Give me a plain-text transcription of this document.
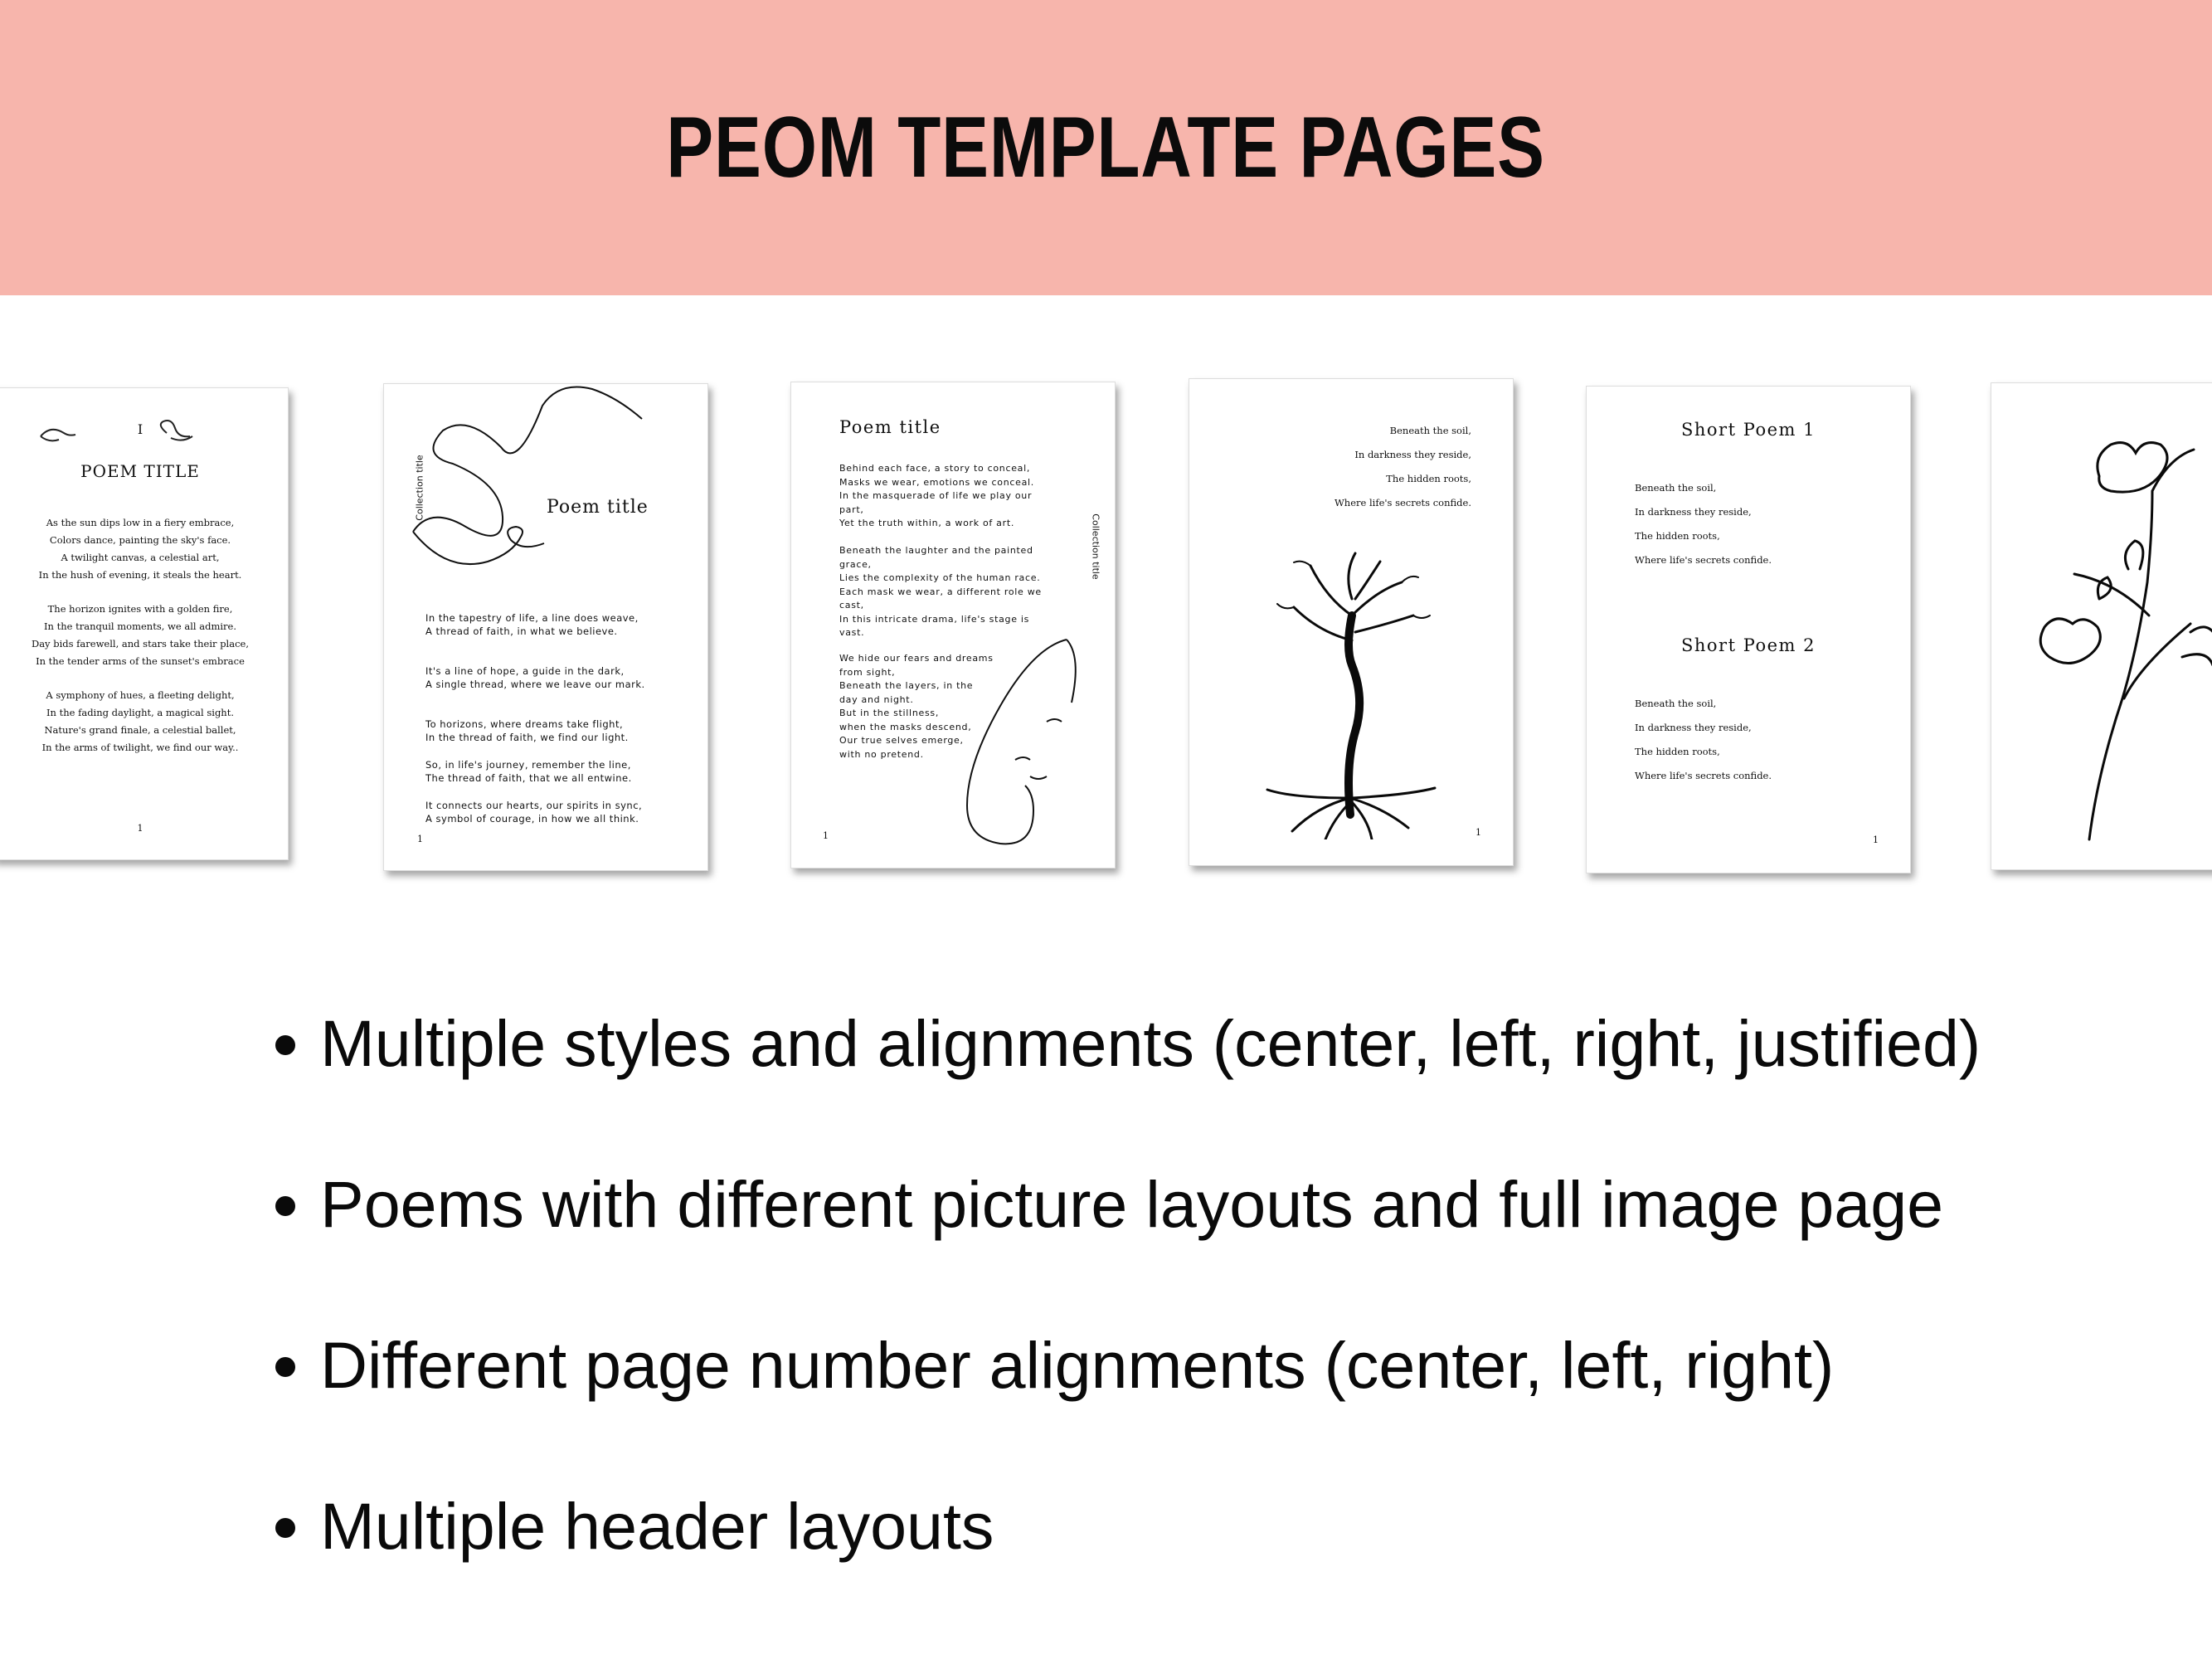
PEOM TEMPLATE PAGES
I
POEM TITLE
As the sun dips low in a fiery embrace,
Colors dance, painting the sky's face.
A twilight canvas, a celestial art,
In the hush of evening, it steals the heart.
The horizon ignites with a golden fire,
In the tranquil moments, we all admire.
Day bids farewell, and stars take their place,
In the tender arms of the sunset's embrace
A symphony of hues, a fleeting delight,
In the fading daylight, a magical sight.
Nature's grand finale, a celestial ballet,
In the arms of twilight, we find our way..
1
Collection title	Poem title
In the tapestry of life, a line does weave,
A thread of faith, in what we believe.
It's a line of hope, a guide in the dark,
A single thread, where we leave our mark.
To horizons, where dreams take flight,
In the thread of faith, we find our light.
So, in life's journey, remember the line,
The thread of faith, that we all entwine.
It connects our hearts, our spirits in sync,
A symbol of courage, in how we all think.
1
Poem title
Collection title
Behind each face, a story to conceal,
Masks we wear, emotions we conceal.
In the masquerade of life we play our
part,
Yet the truth within, a work of art.
Beneath the laughter and the painted
grace,
Lies the complexity of the human race.
Each mask we wear, a different role we
cast,
In this intricate drama, life's stage is
vast.
We hide our fears and dreams
from sight,
Beneath the layers, in the
day and night.
But in the stillness,
when the masks descend,
Our true selves emerge,
with no pretend.
1
Beneath the soil,
In darkness they reside,
The hidden roots,
Where life's secrets confide.
1
Short Poem 1
Beneath the soil,
In darkness they reside,
The hidden roots,
Where life's secrets confide.
Short Poem 2
Beneath the soil,
In darkness they reside,
The hidden roots,
Where life's secrets confide.
1
Multiple styles and alignments (center, left, right, justified)
Poems with different picture layouts and full image page
Different page number alignments (center, left, right)
Multiple header layouts
